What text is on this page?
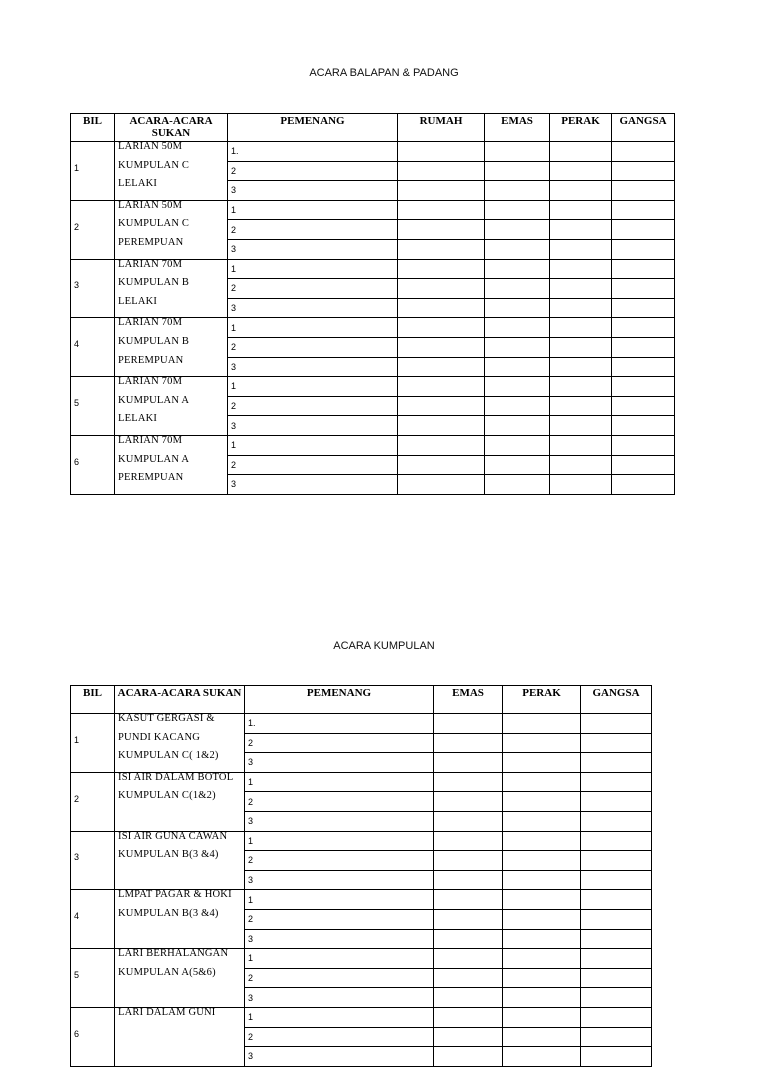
ACARA BALAPAN & PADANG
BIL	ACARA-ACARA SUKAN	PEMENANG	RUMAH	EMAS	PERAK	GANGSA
1	LARIAN 50M
KUMPULAN C
LELAKI	1.				
		2				
		3				
2	LARIAN 50M
KUMPULAN C
PEREMPUAN	1				
		2				
		3				
3	LARIAN 70M
KUMPULAN B
LELAKI	1				
		2				
		3				
4	LARIAN 70M
KUMPULAN B
PEREMPUAN	1				
		2				
		3				
5	LARIAN 70M
KUMPULAN A
LELAKI	1				
		2				
		3				
6	LARIAN 70M
KUMPULAN A
PEREMPUAN	1				
		2				
		3				
ACARA KUMPULAN
BIL	ACARA-ACARA SUKAN	PEMENANG	EMAS	PERAK	GANGSA
1	KASUT GERGASI &
PUNDI KACANG
KUMPULAN C( 1&2)	1.			
		2			
		3			
2	ISI AIR DALAM BOTOL
KUMPULAN C(1&2)	1			
		2			
		3			
3	ISI AIR GUNA CAWAN
KUMPULAN B(3 &4)	1			
		2			
		3			
4	LMPAT PAGAR & HOKI
KUMPULAN B(3 &4)	1			
		2			
		3			
5	LARI BERHALANGAN
KUMPULAN A(5&6)	1			
		2			
		3			
6	LARI DALAM GUNI	1			
		2			
		3			
